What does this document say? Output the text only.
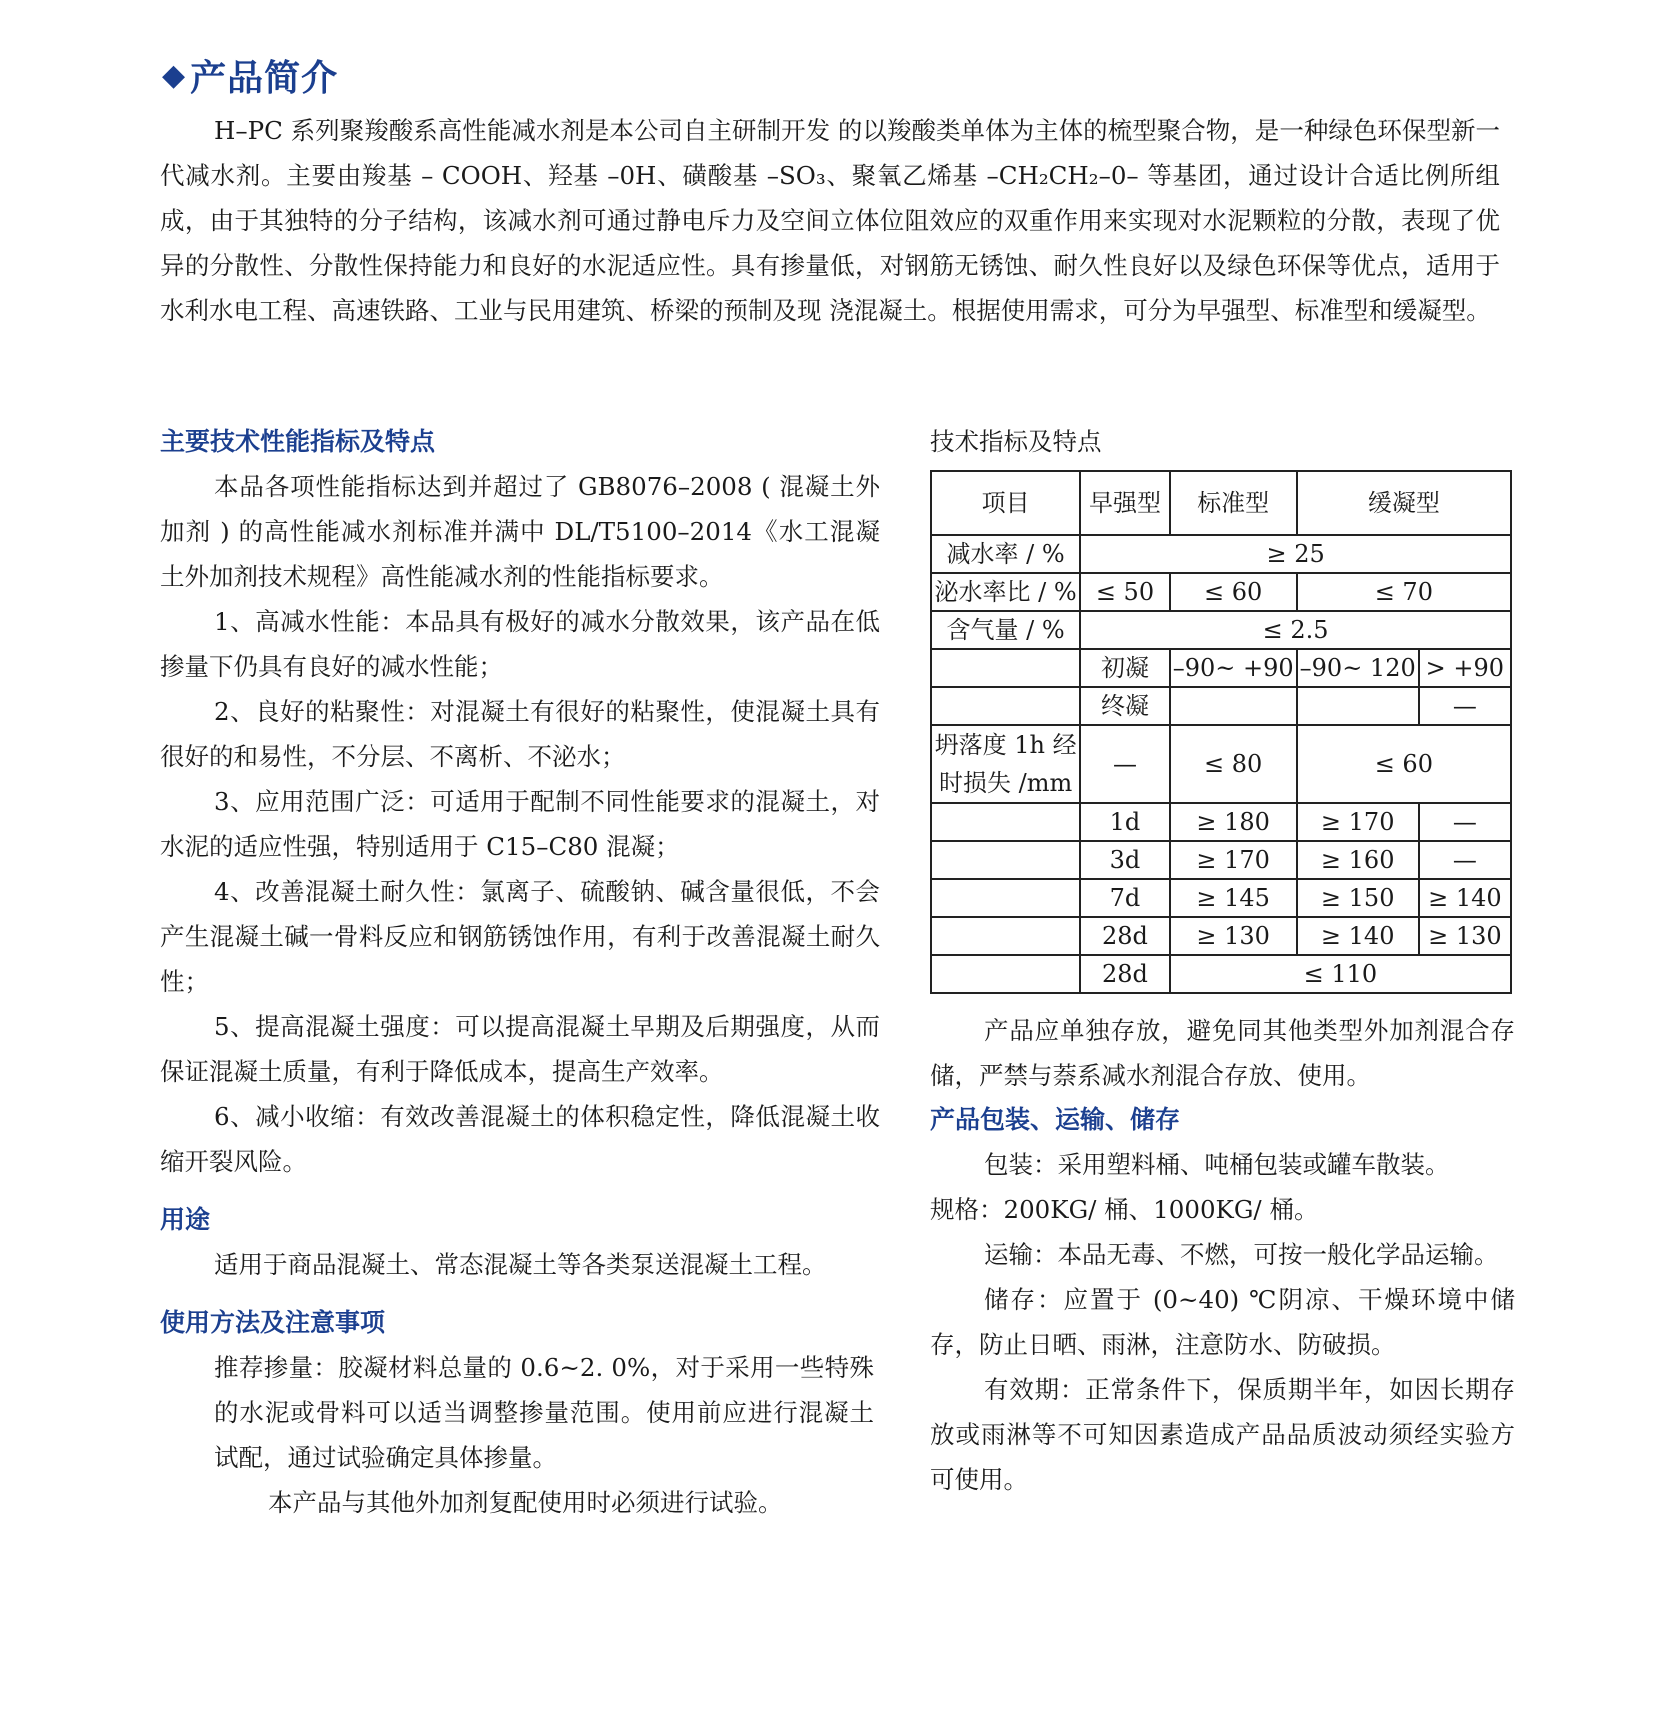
◆ 产品简介

H–PC 系列聚羧酸系高性能减水剂是本公司自主研制开发 的以羧酸类单体为主体的梳型聚合物，是一种绿色环保型新一代减水剂。主要由羧基 – COOH、羟基 –0H、磺酸基 –SO₃、聚氧乙烯基 –CH₂CH₂–0– 等基团，通过设计合适比例所组成，由于其独特的分子结构，该减水剂可通过静电斥力及空间立体位阻效应的双重作用来实现对水泥颗粒的分散，表现了优异的分散性、分散性保持能力和良好的水泥适应性。具有掺量低，对钢筋无锈蚀、耐久性良好以及绿色环保等优点，适用于水利水电工程、高速铁路、工业与民用建筑、桥梁的预制及现 浇混凝土。根据使用需求，可分为早强型、标准型和缓凝型。

主要技术性能指标及特点

本品各项性能指标达到并超过了 GB8076–2008 ( 混凝土外加剂 ) 的高性能减水剂标准并满中 DL/T5100–2014《水工混凝土外加剂技术规程》高性能减水剂的性能指标要求。

1、高减水性能：本品具有极好的减水分散效果，该产品在低掺量下仍具有良好的减水性能；

2、良好的粘聚性：对混凝土有很好的粘聚性，使混凝土具有很好的和易性，不分层、不离析、不泌水；

3、应用范围广泛：可适用于配制不同性能要求的混凝土，对水泥的适应性强，特别适用于 C15–C80 混凝；

4、改善混凝土耐久性：氯离子、硫酸钠、碱含量很低，不会产生混凝土碱一骨料反应和钢筋锈蚀作用，有利于改善混凝土耐久性；

5、提高混凝土强度：可以提高混凝土早期及后期强度，从而保证混凝土质量，有利于降低成本，提高生产效率。

6、减小收缩：有效改善混凝土的体积稳定性，降低混凝土收缩开裂风险。

用途

适用于商品混凝土、常态混凝土等各类泵送混凝土工程。

使用方法及注意事项

推荐掺量：胶凝材料总量的 0.6~2. 0%，对于采用一些特殊的水泥或骨料可以适当调整掺量范围。使用前应进行混凝土试配，通过试验确定具体掺量。

本产品与其他外加剂复配使用时必须进行试验。

技术指标及特点

项目	早强型	标准型	缓凝型	
减水率 / %	≥ 25			
泌水率比 / %	≤ 50	≤ 60	≤ 70	
含气量 / %	≤ 2.5			
	初凝	–90~ +90	–90~ 120	> +90
	终凝			—
坍落度 1h 经时损失 /mm	—	≤ 80	≤ 60	
	1d	≥ 180	≥ 170	—
	3d	≥ 170	≥ 160	—
	7d	≥ 145	≥ 150	≥ 140
	28d	≥ 130	≥ 140	≥ 130
	28d	≤ 110		

产品应单独存放，避免同其他类型外加剂混合存储，严禁与萘系减水剂混合存放、使用。

产品包装、运输、储存

包装：采用塑料桶、吨桶包装或罐车散装。

规格：200KG/ 桶、1000KG/ 桶。

运输：本品无毒、不燃，可按一般化学品运输。

储存：应置于 (0~40) ℃阴凉、干燥环境中储存，防止日晒、雨淋，注意防水、防破损。

有效期：正常条件下，保质期半年，如因长期存放或雨淋等不可知因素造成产品品质波动须经实验方可使用。
